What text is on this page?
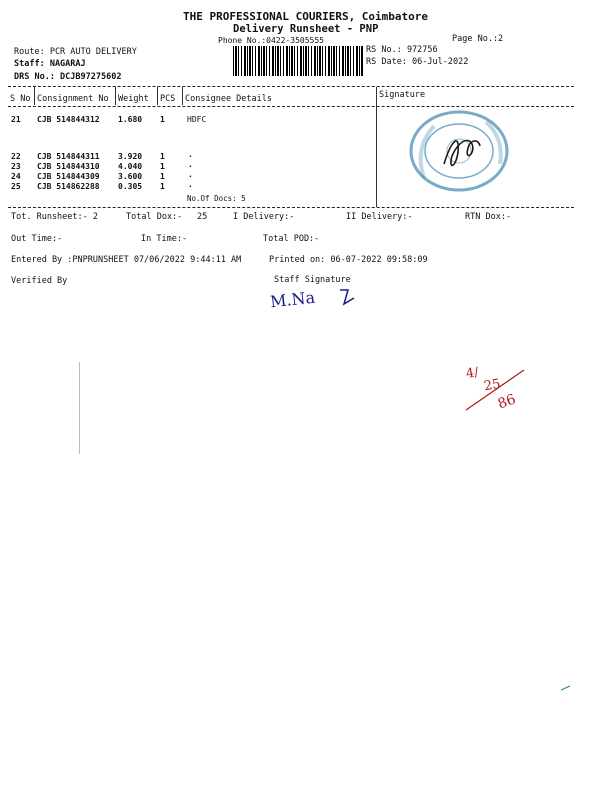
THE PROFESSIONAL COURIERS, Coimbatore
Delivery Runsheet - PNP
Phone No.:0422-3505555	Page No.:2
Route: PCR AUTO DELIVERY
Staff: NAGARAJ
DRS No.: DCJB97275602
RS No.: 972756
RS Date: 06-Jul-2022
S No Consignment No Weight PCS Consignee Details	Signature
21 CJB 514844312 1.680 1	HDFC
22 CJB 514844311 3.920 1	.
23 CJB 514844310 4.040 1	.
24 CJB 514844309 3.600 1	.
25 CJB 514862288 0.305 1	.
No.Of Docs: 5
Tot. Runsheet:- 2	Total Dox:- 25	I Delivery:-	II Delivery:-	RTN Dox:-
Out Time:-	In Time:-	Total POD:-
Entered By :PNPRUNSHEET 07/06/2022 9:44:11 AM	Printed on: 06-07-2022 09:58:09
Verified By	Staff Signature
M.Na
4/
25
86
